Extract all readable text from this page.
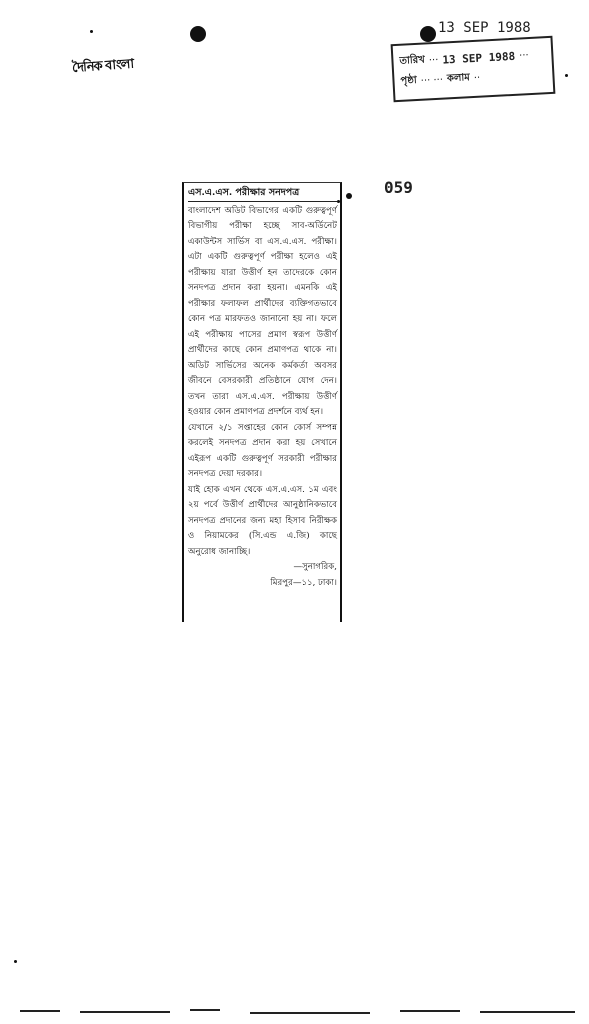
দৈনিক বাংলা
13 SEP 1988
তারিখ ··· 13 SEP 1988 ···
পৃষ্ঠা ··· ··· কলাম ··
059
এস.এ.এস. পরীক্ষার সনদপত্র

বাংলাদেশ অডিট বিভাগের একটি গুরুত্বপূর্ণ বিভাগীয় পরীক্ষা হচ্ছে সাব-অর্ডিনেট একাউন্টস সার্ভিস বা এস.এ.এস. পরীক্ষা। এটা একটি গুরুত্বপূর্ণ পরীক্ষা হলেও এই পরীক্ষায় যারা উত্তীর্ণ হন তাদেরকে কোন সনদপত্র প্রদান করা হয়না। এমনকি এই পরীক্ষার ফলাফল প্রার্থীদের ব্যক্তিগতভাবে কোন পত্র মারফতও জানানো হয় না। ফলে এই পরীক্ষায় পাসের প্রমাণ স্বরূপ উত্তীর্ণ প্রার্থীদের কাছে কোন প্রমাণপত্র থাকে না। অডিট সার্ভিসের অনেক কর্মকর্তা অবসর জীবনে বেসরকারী প্রতিষ্ঠানে যোগ দেন। তখন তারা এস.এ.এস. পরীক্ষায় উত্তীর্ণ হওয়ার কোন প্রমাণপত্র প্রদর্শনে ব্যর্থ হন।

যেখানে ২/১ সপ্তাহের কোন কোর্স সম্পন্ন করলেই সনদপত্র প্রদান করা হয় সেখানে এইরূপ একটি গুরুত্বপূর্ণ সরকারী পরীক্ষার সনদপত্র দেয়া দরকার।

যাই হোক এখন থেকে এস.এ.এস. ১ম এবং ২য় পর্বে উত্তীর্ণ প্রার্থীদের আনুষ্ঠানিকভাবে সনদপত্র প্রদানের জন্য মহা হিসাব নিরীক্ষক ও নিয়ামকের (সি.এন্ড এ.জি) কাছে অনুরোধ জানাচ্ছি।

—সুনাগরিক,

মিরপুর—১১, ঢাকা।
